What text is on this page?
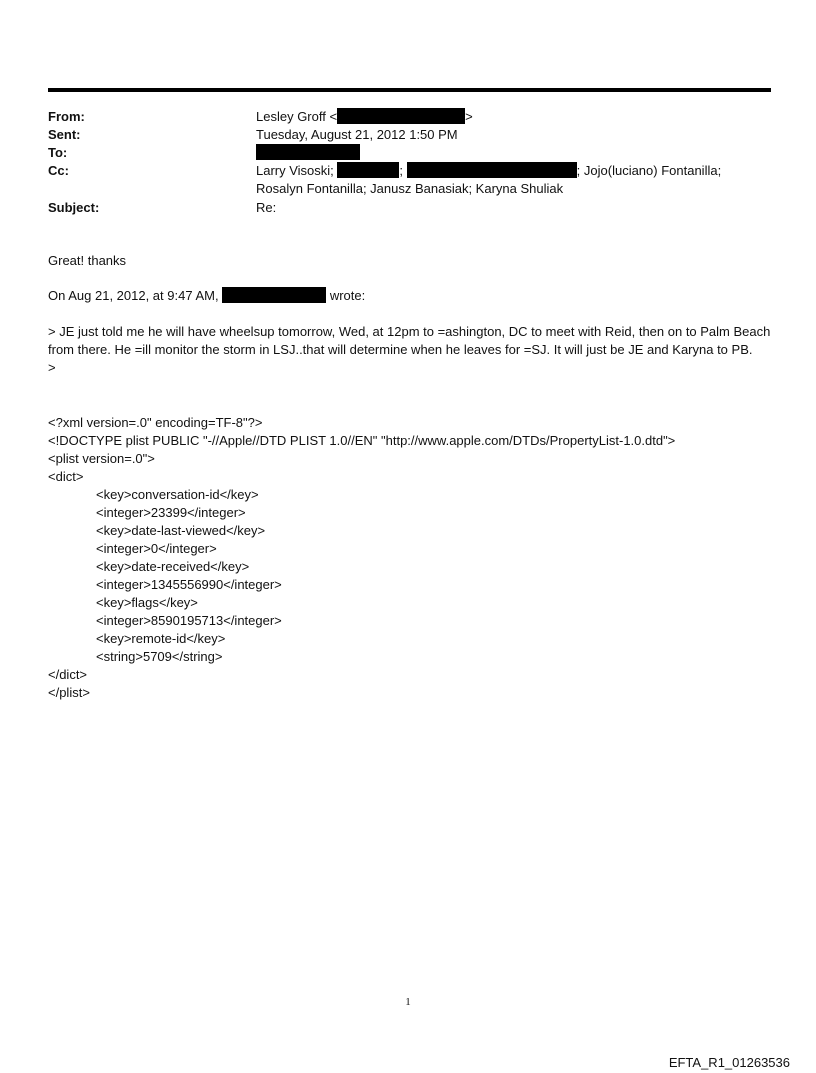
From:	Lesley Groff <	>
Sent:	Tuesday, August 21, 2012 1:50 PM
To:
Cc:	Larry Visoski;	;	; Jojo(luciano) Fontanilla;
Rosalyn Fontanilla; Janusz Banasiak; Karyna Shuliak
Subject:	Re:
Great! thanks
On Aug 21, 2012, at 9:47 AM,	wrote:

> JE just told me he will have wheelsup tomorrow, Wed, at 12pm to =ashington, DC to meet with Reid, then on to Palm Beach from there. He =ill monitor the storm in LSJ..that will determine when he leaves for =SJ. It will just be JE and Karyna to PB.

>

<?xml version=.0" encoding=TF-8"?>
<!DOCTYPE plist PUBLIC "-//Apple//DTD PLIST 1.0//EN" "http://www.apple.com/DTDs/PropertyList-1.0.dtd">
<plist version=.0">
<dict>
<key>conversation-id</key>
<integer>23399</integer>
<key>date-last-viewed</key>
<integer>0</integer>
<key>date-received</key>
<integer>1345556990</integer>
<key>flags</key>
<integer>8590195713</integer>
<key>remote-id</key>
<string>5709</string>
</dict>
</plist>
1
EFTA_R1_01263536
